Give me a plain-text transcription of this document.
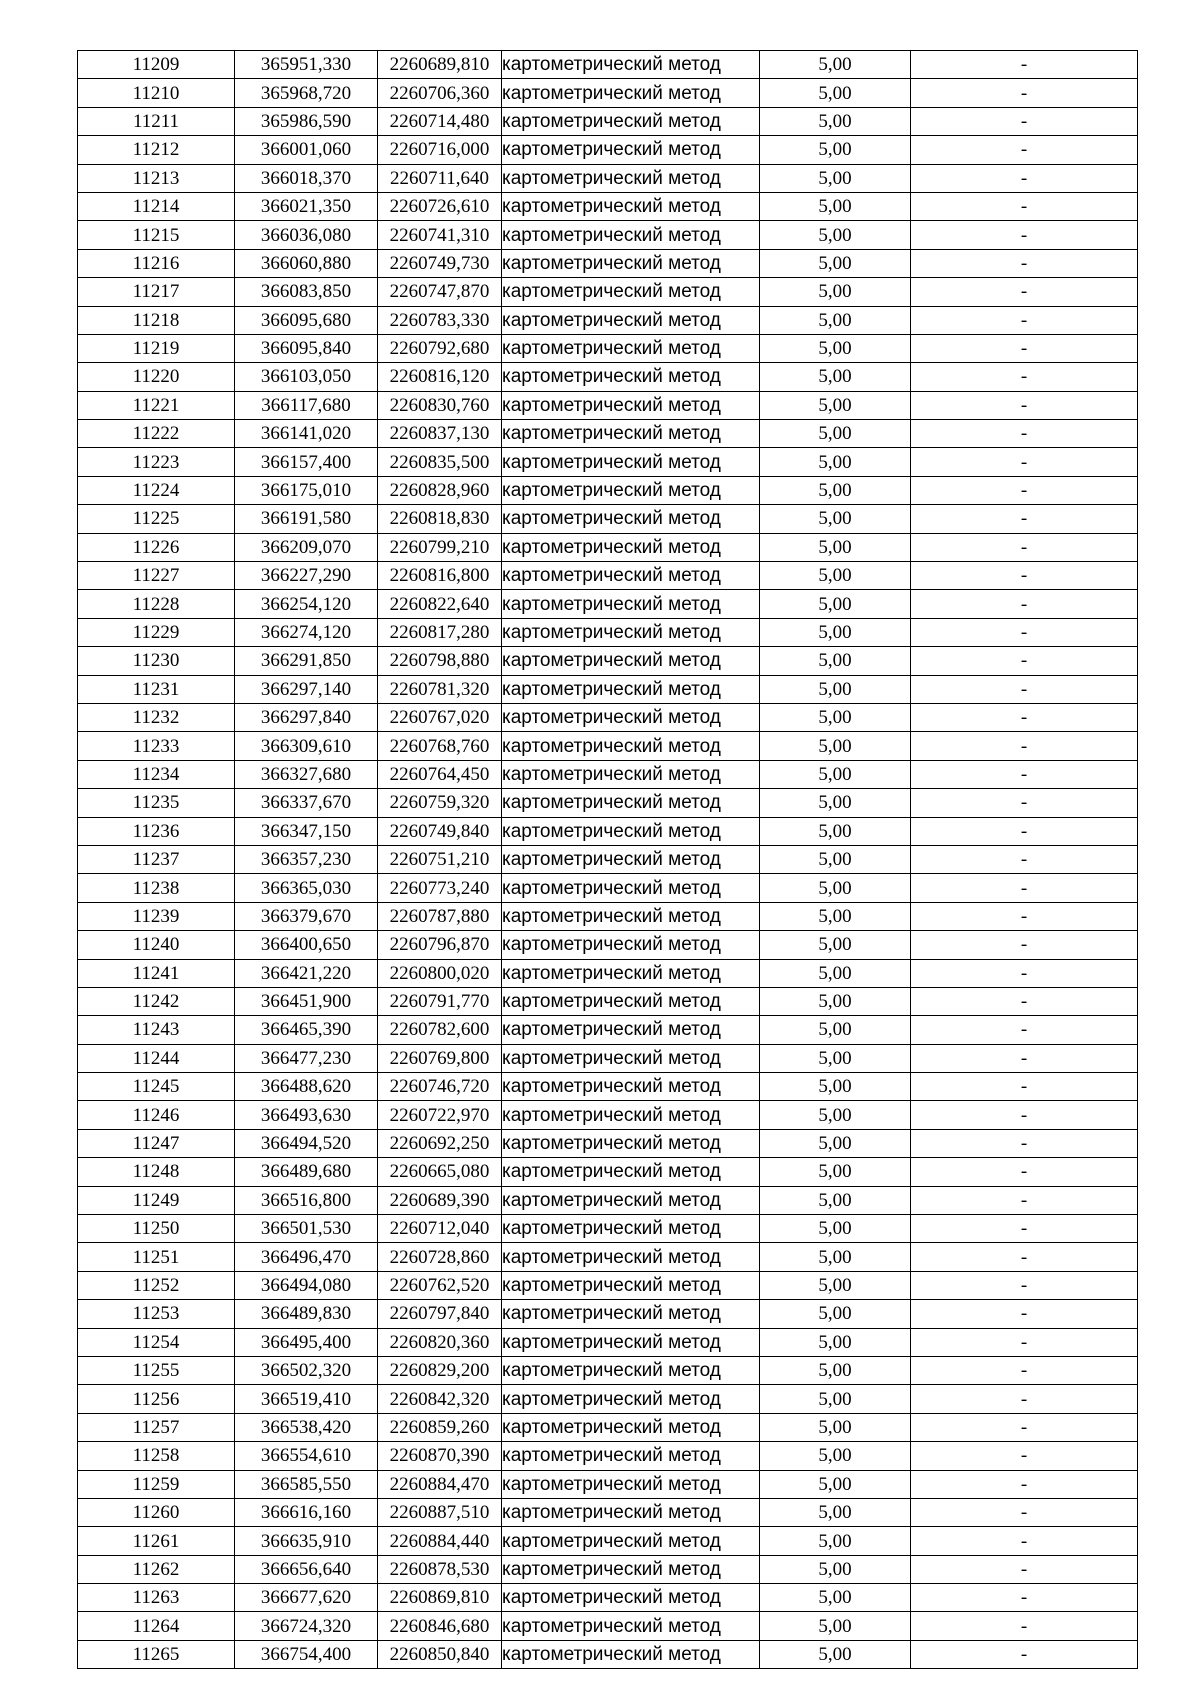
11209	365951,330	2260689,810	картометрический метод	5,00	-
11210	365968,720	2260706,360	картометрический метод	5,00	-
11211	365986,590	2260714,480	картометрический метод	5,00	-
11212	366001,060	2260716,000	картометрический метод	5,00	-
11213	366018,370	2260711,640	картометрический метод	5,00	-
11214	366021,350	2260726,610	картометрический метод	5,00	-
11215	366036,080	2260741,310	картометрический метод	5,00	-
11216	366060,880	2260749,730	картометрический метод	5,00	-
11217	366083,850	2260747,870	картометрический метод	5,00	-
11218	366095,680	2260783,330	картометрический метод	5,00	-
11219	366095,840	2260792,680	картометрический метод	5,00	-
11220	366103,050	2260816,120	картометрический метод	5,00	-
11221	366117,680	2260830,760	картометрический метод	5,00	-
11222	366141,020	2260837,130	картометрический метод	5,00	-
11223	366157,400	2260835,500	картометрический метод	5,00	-
11224	366175,010	2260828,960	картометрический метод	5,00	-
11225	366191,580	2260818,830	картометрический метод	5,00	-
11226	366209,070	2260799,210	картометрический метод	5,00	-
11227	366227,290	2260816,800	картометрический метод	5,00	-
11228	366254,120	2260822,640	картометрический метод	5,00	-
11229	366274,120	2260817,280	картометрический метод	5,00	-
11230	366291,850	2260798,880	картометрический метод	5,00	-
11231	366297,140	2260781,320	картометрический метод	5,00	-
11232	366297,840	2260767,020	картометрический метод	5,00	-
11233	366309,610	2260768,760	картометрический метод	5,00	-
11234	366327,680	2260764,450	картометрический метод	5,00	-
11235	366337,670	2260759,320	картометрический метод	5,00	-
11236	366347,150	2260749,840	картометрический метод	5,00	-
11237	366357,230	2260751,210	картометрический метод	5,00	-
11238	366365,030	2260773,240	картометрический метод	5,00	-
11239	366379,670	2260787,880	картометрический метод	5,00	-
11240	366400,650	2260796,870	картометрический метод	5,00	-
11241	366421,220	2260800,020	картометрический метод	5,00	-
11242	366451,900	2260791,770	картометрический метод	5,00	-
11243	366465,390	2260782,600	картометрический метод	5,00	-
11244	366477,230	2260769,800	картометрический метод	5,00	-
11245	366488,620	2260746,720	картометрический метод	5,00	-
11246	366493,630	2260722,970	картометрический метод	5,00	-
11247	366494,520	2260692,250	картометрический метод	5,00	-
11248	366489,680	2260665,080	картометрический метод	5,00	-
11249	366516,800	2260689,390	картометрический метод	5,00	-
11250	366501,530	2260712,040	картометрический метод	5,00	-
11251	366496,470	2260728,860	картометрический метод	5,00	-
11252	366494,080	2260762,520	картометрический метод	5,00	-
11253	366489,830	2260797,840	картометрический метод	5,00	-
11254	366495,400	2260820,360	картометрический метод	5,00	-
11255	366502,320	2260829,200	картометрический метод	5,00	-
11256	366519,410	2260842,320	картометрический метод	5,00	-
11257	366538,420	2260859,260	картометрический метод	5,00	-
11258	366554,610	2260870,390	картометрический метод	5,00	-
11259	366585,550	2260884,470	картометрический метод	5,00	-
11260	366616,160	2260887,510	картометрический метод	5,00	-
11261	366635,910	2260884,440	картометрический метод	5,00	-
11262	366656,640	2260878,530	картометрический метод	5,00	-
11263	366677,620	2260869,810	картометрический метод	5,00	-
11264	366724,320	2260846,680	картометрический метод	5,00	-
11265	366754,400	2260850,840	картометрический метод	5,00	-
